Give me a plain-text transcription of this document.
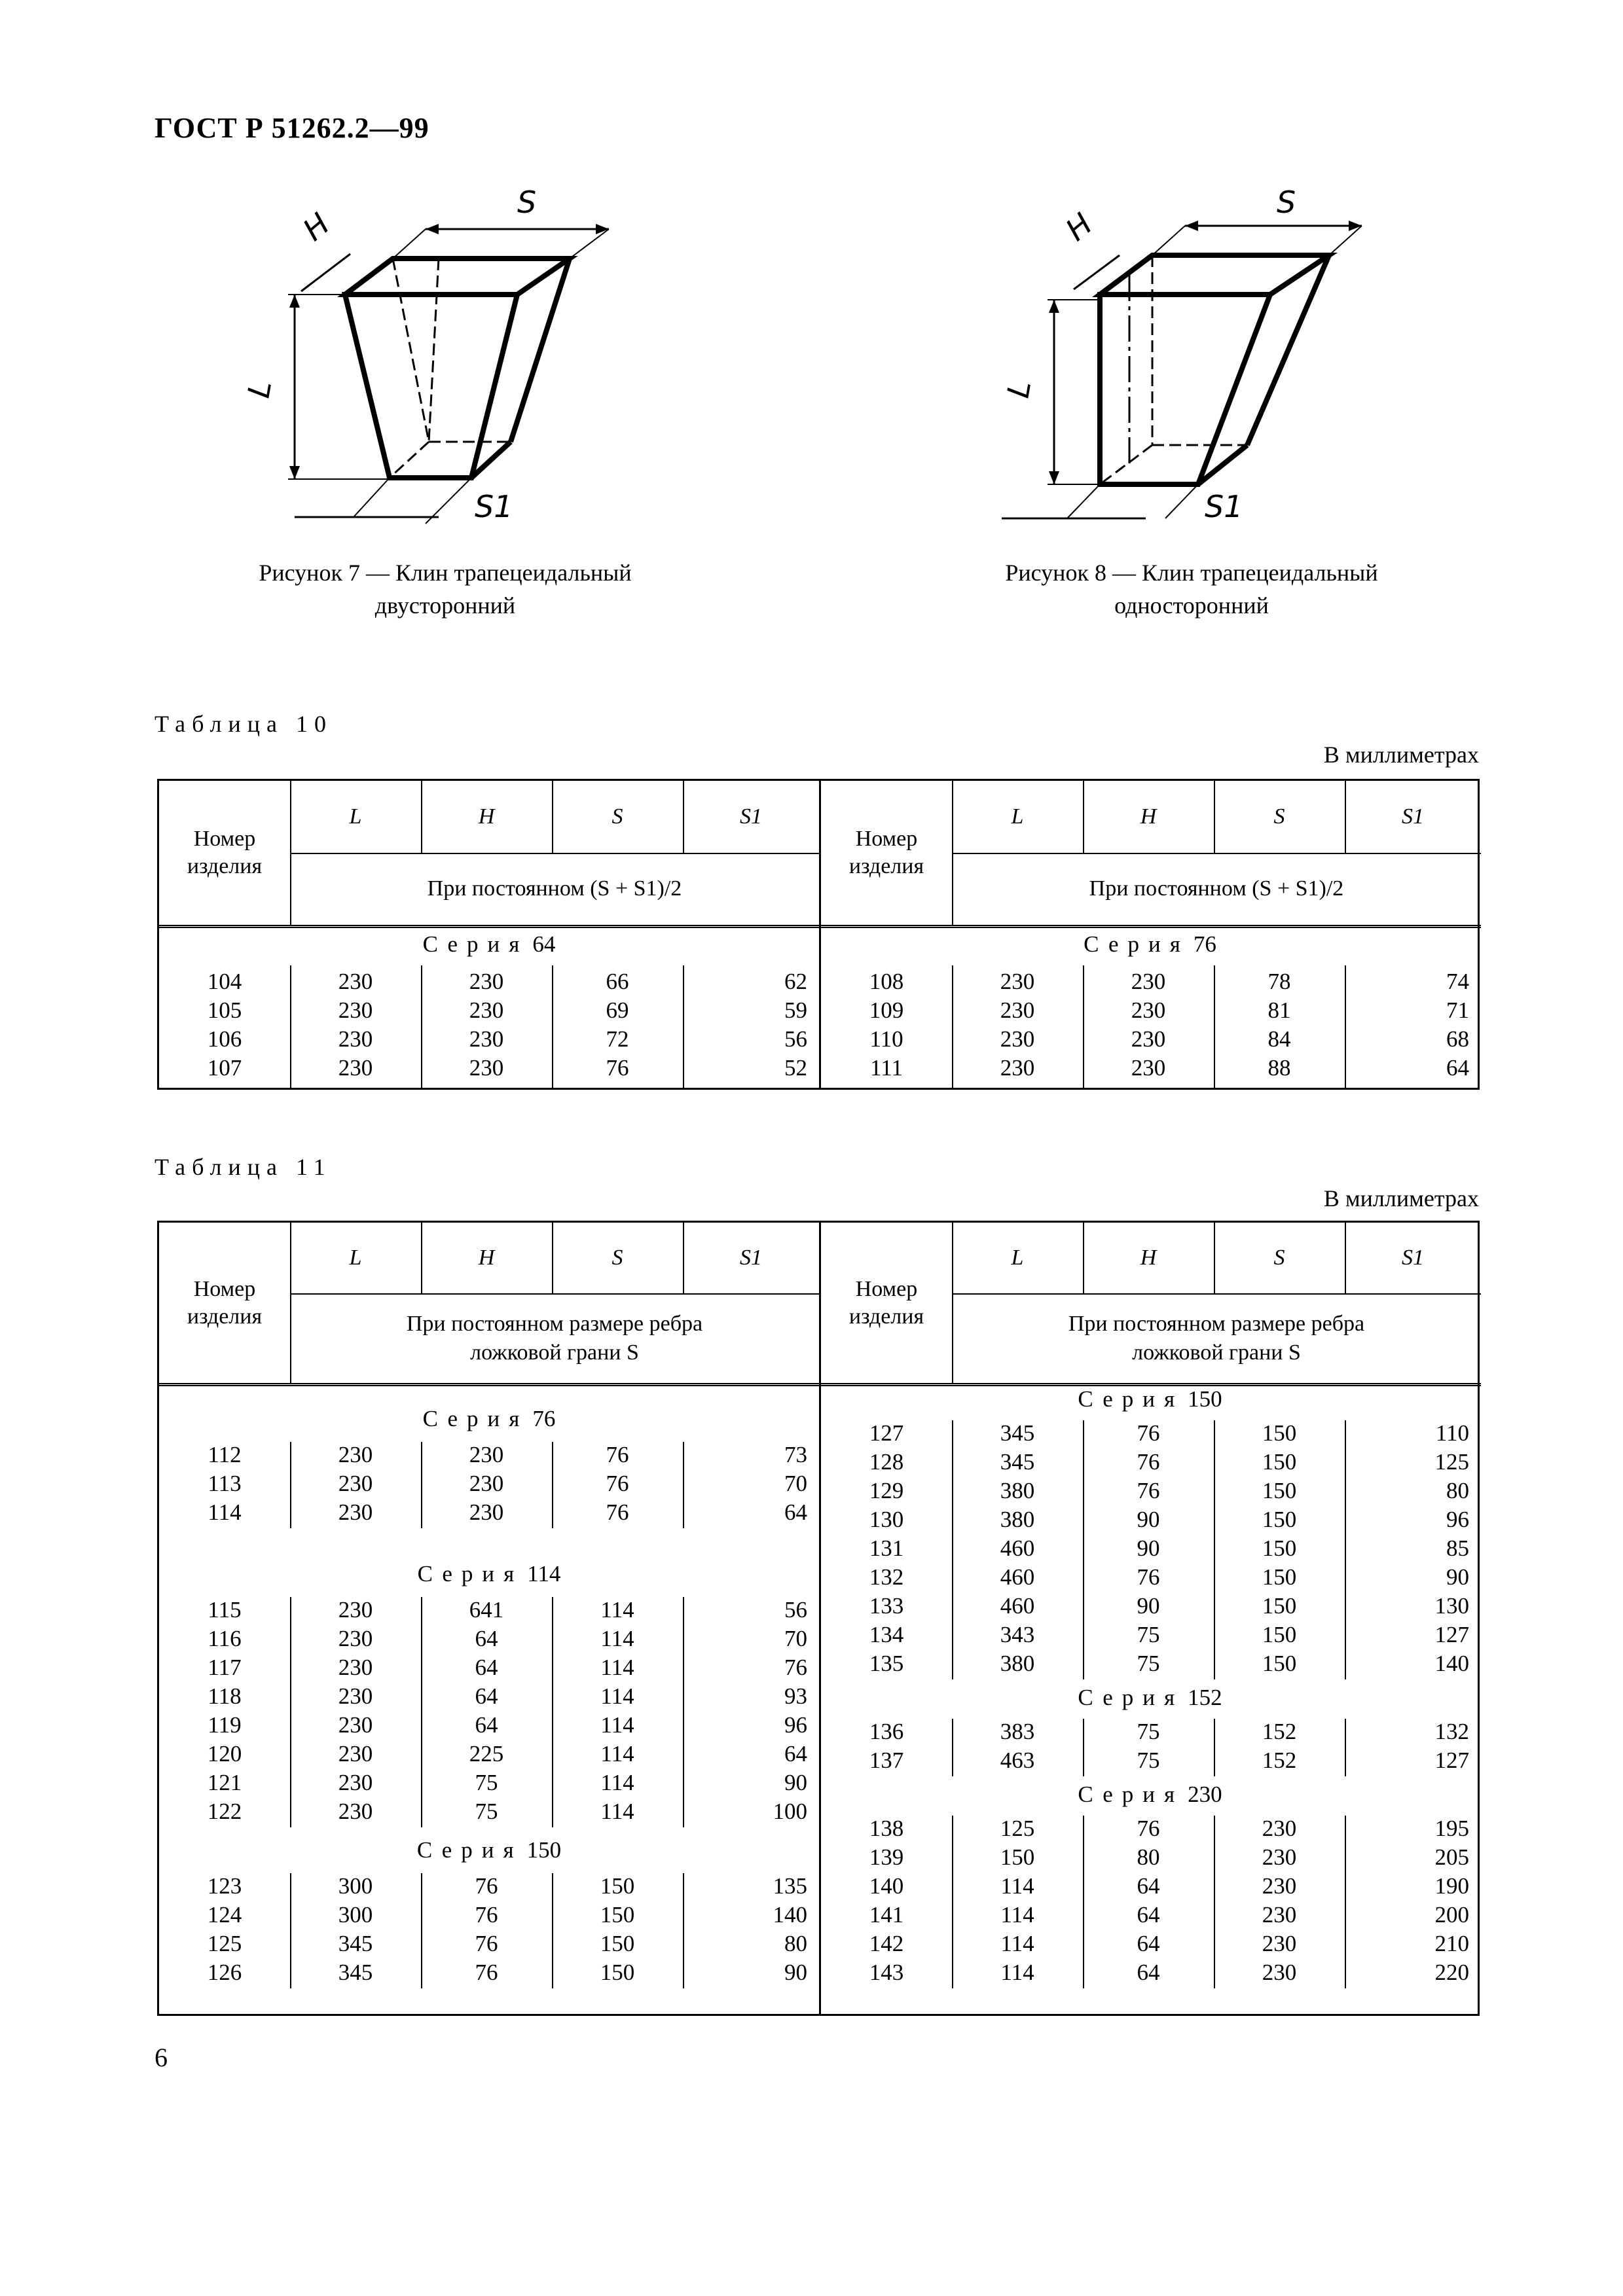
ГОСТ Р 51262.2—99
S
H
L
S1
Рисунок 7 — Клин трапецеидальный
двусторонний
S
H
L
S1
Рисунок 8 — Клин трапецеидальный
односторонний
Таблица 10
В миллиметрах
Номер
изделия
L	H	S	S1
При постоянном (S + S1)/2
Серия 64
104	230	230	66	62
105	230	230	69	59
106	230	230	72	56
107	230	230	76	52
Номер
изделия
L	H	S	S1
При постоянном (S + S1)/2
Серия 76
108	230	230	78	74
109	230	230	81	71
110	230	230	84	68
111	230	230	88	64
Таблица 11
В миллиметрах
Номер
изделия
L	H	S	S1
При постоянном размере ребра
ложковой грани S
Серия 76
112	230	230	76	73
113	230	230	76	70
114	230	230	76	64
Серия 114
115	230	641	114	56
116	230	64	114	70
117	230	64	114	76
118	230	64	114	93
119	230	64	114	96
120	230	225	114	64
121	230	75	114	90
122	230	75	114	100
Серия 150
123	300	76	150	135
124	300	76	150	140
125	345	76	150	80
126	345	76	150	90
Номер
изделия
L	H	S	S1
При постоянном размере ребра
ложковой грани S
Серия 150
127	345	76	150	110
128	345	76	150	125
129	380	76	150	80
130	380	90	150	96
131	460	90	150	85
132	460	76	150	90
133	460	90	150	130
134	343	75	150	127
135	380	75	150	140
Серия 152
136	383	75	152	132
137	463	75	152	127
Серия 230
138	125	76	230	195
139	150	80	230	205
140	114	64	230	190
141	114	64	230	200
142	114	64	230	210
143	114	64	230	220
6
